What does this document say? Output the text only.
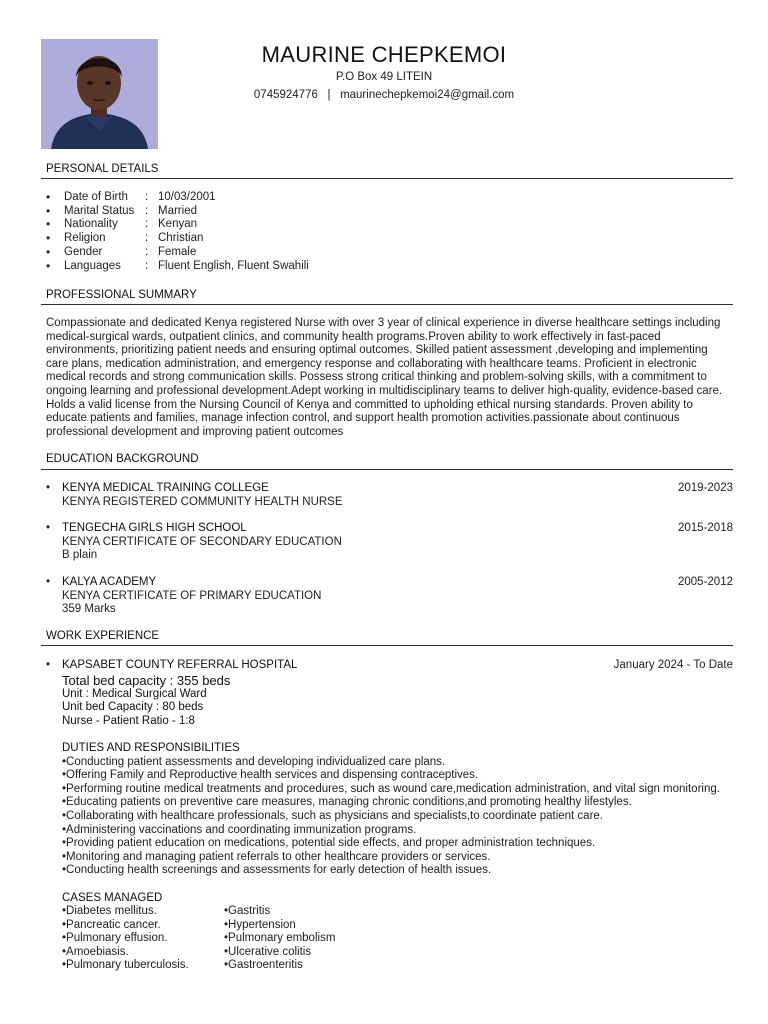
MAURINE CHEPKEMOI
P.O Box 49 LITEIN
0745924776 | maurinechepkemoi24@gmail.com
PERSONAL DETAILS
• Date of Birth	: 10/03/2001
• Marital Status : Married
• Nationality	: Kenyan
• Religion	: Christian
• Gender	: Female
• Languages	: Fluent English, Fluent Swahili
PROFESSIONAL SUMMARY
Compassionate and dedicated Kenya registered Nurse with over 3 year of clinical experience in diverse healthcare settings including medical-surgical wards, outpatient clinics, and community health programs.Proven ability to work effectively in fast-paced environments, prioritizing patient needs and ensuring optimal outcomes. Skilled patient assessment ,developing and implementing care plans, medication administration, and emergency response and collaborating with healthcare teams. Proficient in electronic medical records and strong communication skills. Possess strong critical thinking and problem-solving skills, with a commitment to ongoing learning and professional development.Adept working in multidisciplinary teams to deliver high-quality, evidence-based care. Holds a valid license from the Nursing Council of Kenya and committed to upholding ethical nursing standards. Proven ability to educate patients and families, manage infection control, and support health promotion activities.passionate about continuous professional development and improving patient outcomes
EDUCATION BACKGROUND
• KENYA MEDICAL TRAINING COLLEGE
KENYA REGISTERED COMMUNITY HEALTH NURSE
2019-2023
• TENGECHA GIRLS HIGH SCHOOL
KENYA CERTIFICATE OF SECONDARY EDUCATION
B plain
2015-2018
• KALYA ACADEMY
KENYA CERTIFICATE OF PRIMARY EDUCATION
359 Marks
2005-2012
WORK EXPERIENCE
•	January 2024 - To Date
KAPSABET COUNTY REFERRAL HOSPITAL
Total bed capacity : 355 beds
Unit : Medical Surgical Ward
Unit bed Capacity : 80 beds
Nurse - Patient Ratio - 1:8
DUTIES AND RESPONSIBILITIES
•Conducting patient assessments and developing individualized care plans.
•Offering Family and Reproductive health services and dispensing contraceptives.
•Performing routine medical treatments and procedures, such as wound care,medication administration, and vital sign monitoring.
•Educating patients on preventive care measures, managing chronic conditions,and promoting healthy lifestyles.
•Collaborating with healthcare professionals, such as physicians and specialists,to coordinate patient care.
•Administering vaccinations and coordinating immunization programs.
•Providing patient education on medications, potential side effects, and proper administration techniques.
•Monitoring and managing patient referrals to other healthcare providers or services.
•Conducting health screenings and assessments for early detection of health issues.
CASES MANAGED
•Diabetes mellitus.	•Gastritis
•Pancreatic cancer.	•Hypertension
•Pulmonary effusion.	•Pulmonary embolism
•Amoebiasis.	•Ulcerative colitis
•Pulmonary tuberculosis.	•Gastroenteritis
